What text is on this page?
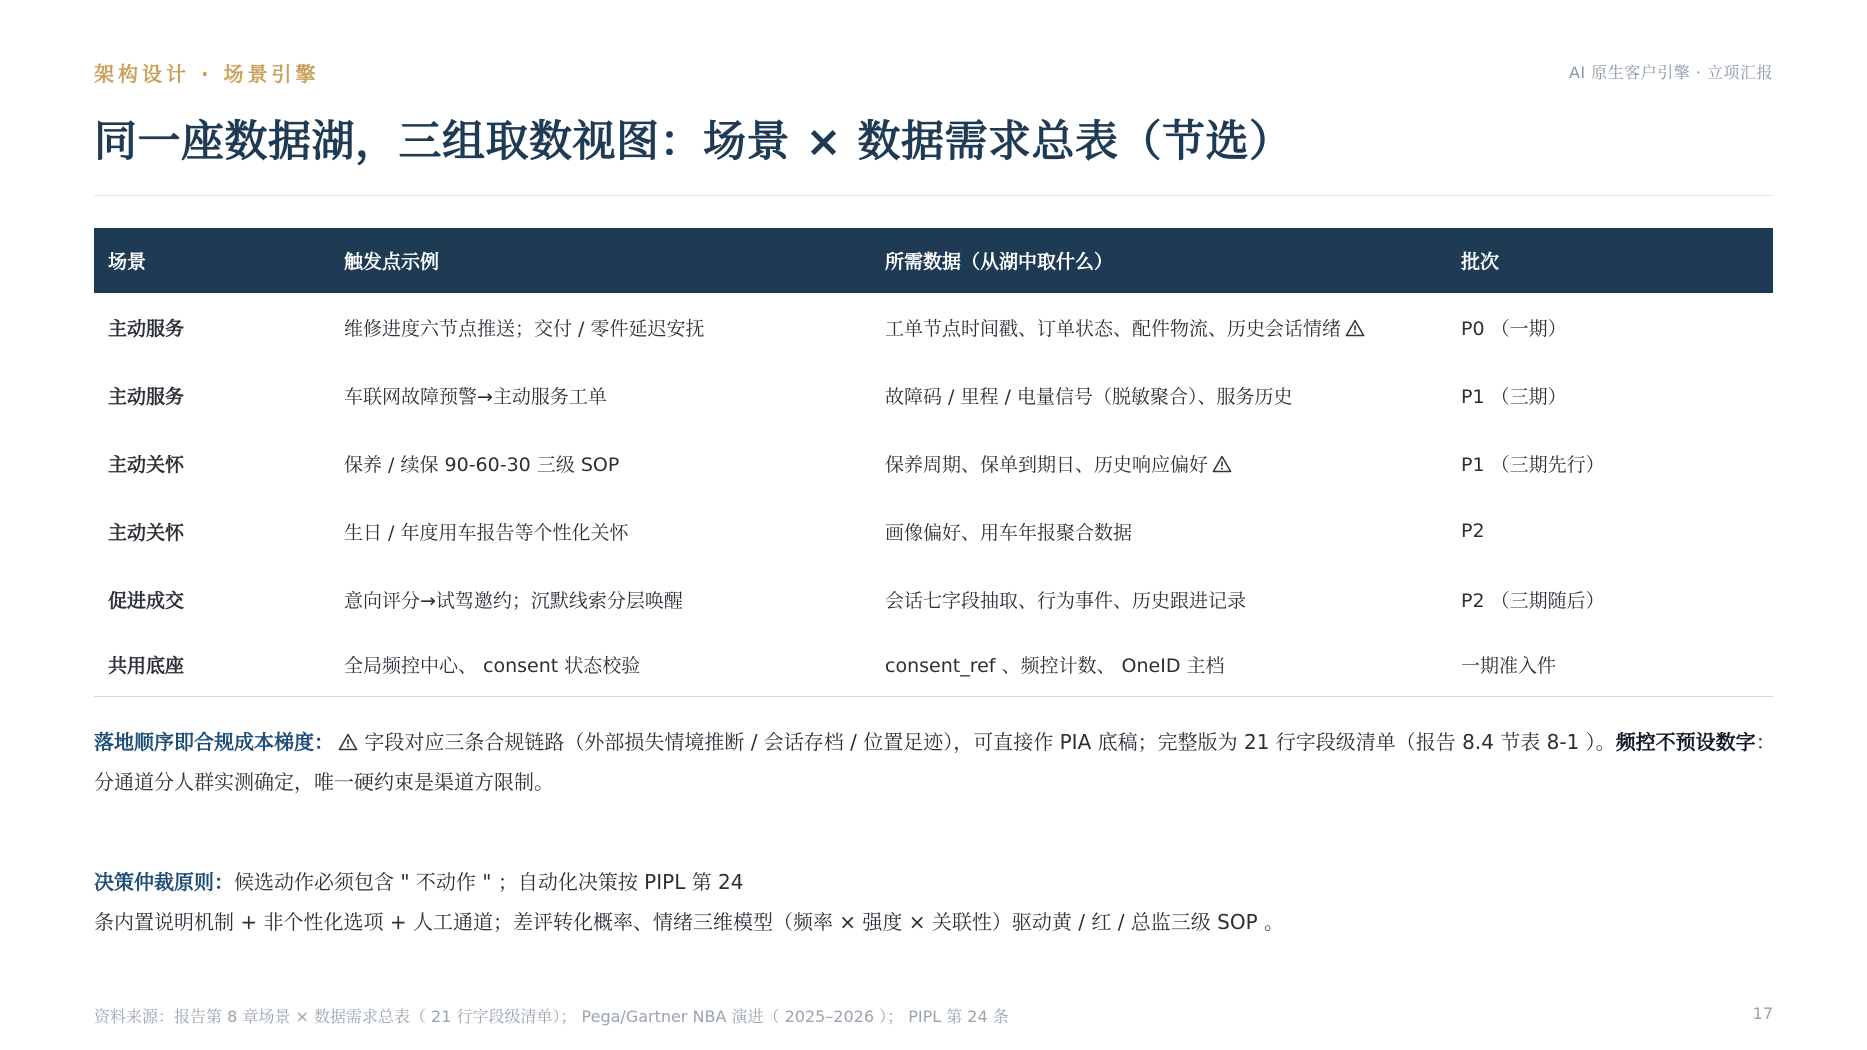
架构设计 · 场景引擎	AI 原生客户引擎 · 立项汇报
同一座数据湖，三组取数视图：场景 × 数据需求总表（节选）
场景	触发点示例	所需数据（从湖中取什么）	批次
主动服务	维修进度六节点推送；交付 / 零件延迟安抚	工单节点时间戳、订单状态、配件物流、历史会话情绪	P0 （一期）
主动服务	车联网故障预警→主动服务工单	故障码 / 里程 / 电量信号（脱敏聚合）、服务历史	P1 （三期）
主动关怀	保养 / 续保 90-60-30 三级 SOP	保养周期、保单到期日、历史响应偏好	P1 （三期先行）
主动关怀	生日 / 年度用车报告等个性化关怀	画像偏好、用车年报聚合数据	P2
促进成交	意向评分→试驾邀约；沉默线索分层唤醒	会话七字段抽取、行为事件、历史跟进记录	P2 （三期随后）
共用底座	全局频控中心、 consent 状态校验	consent_ref 、频控计数、 OneID 主档	一期准入件
落地顺序即合规成本梯度： 字段对应三条合规链路（外部损失情境推断 / 会话存档 / 位置足迹），可直接作 PIA 底稿；完整版为 21 行字段级清单（报告 8.4 节表 8-1 ）。频控不预设数字：分通道分人群实测确定，唯一硬约束是渠道方限制。
决策仲裁原则：候选动作必须包含 " 不动作 " ；自动化决策按 PIPL 第 24
条内置说明机制 + 非个性化选项 + 人工通道；差评转化概率、情绪三维模型（频率 × 强度 × 关联性）驱动黄 / 红 / 总监三级 SOP 。
资料来源：报告第 8 章场景 × 数据需求总表（ 21 行字段级清单）； Pega/Gartner NBA 演进（ 2025–2026 ）； PIPL 第 24 条	17
